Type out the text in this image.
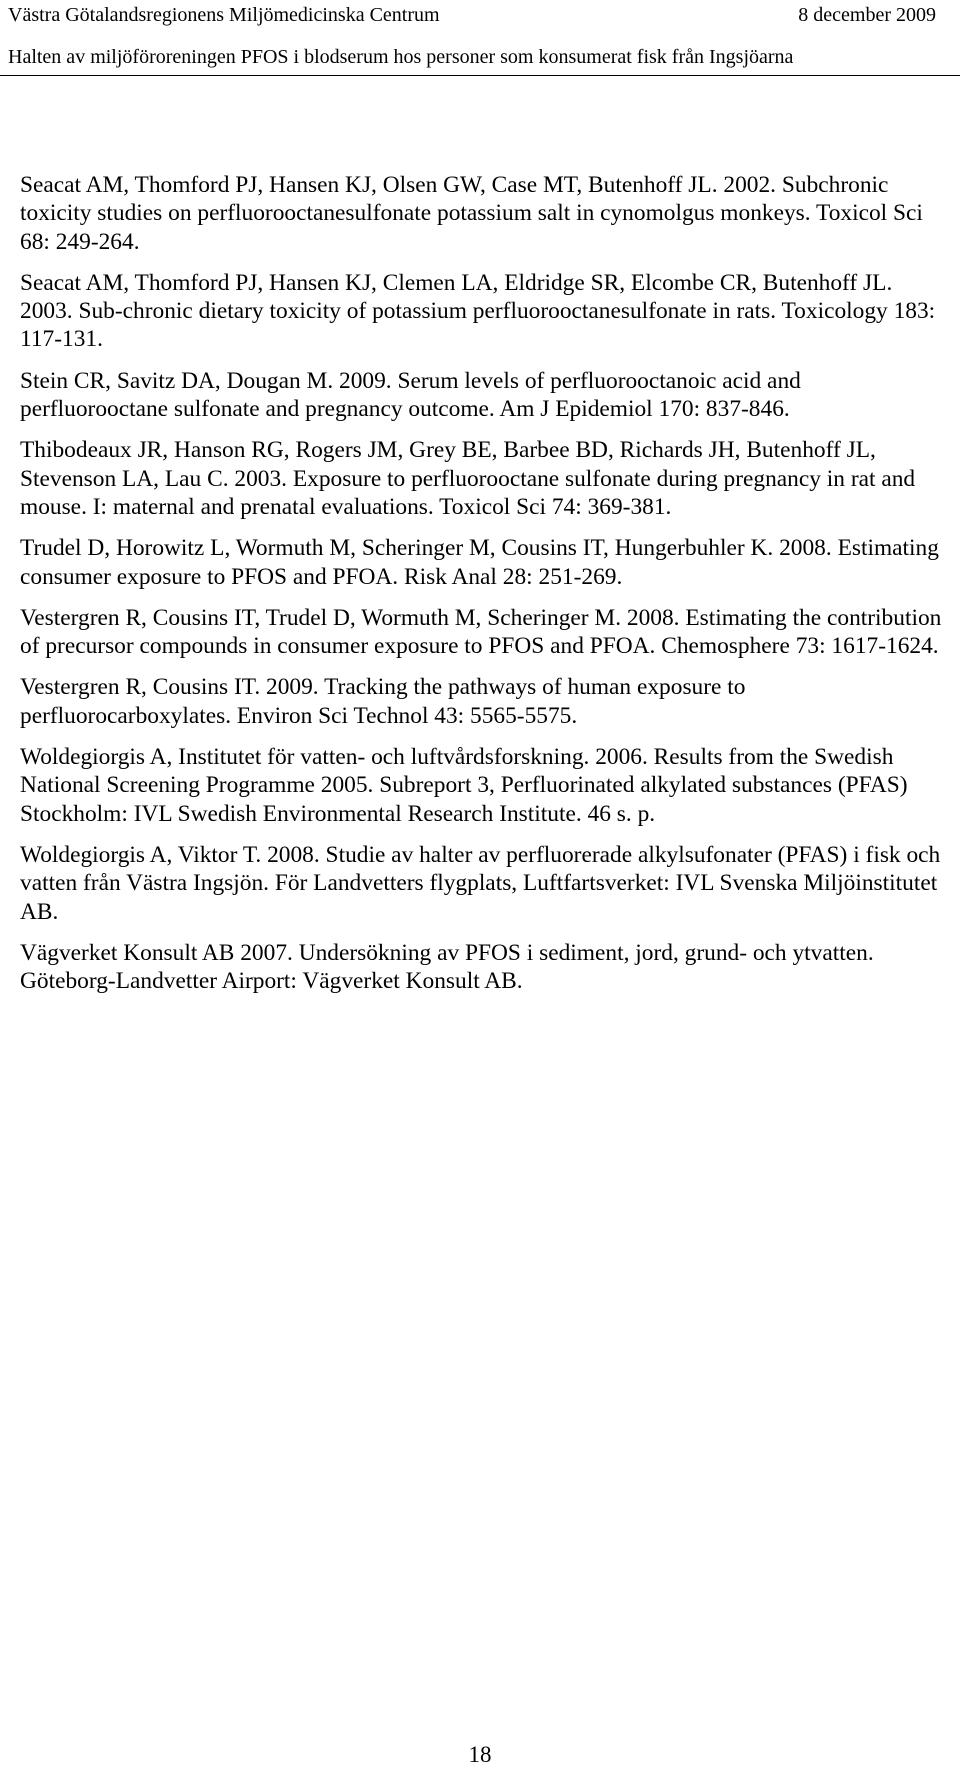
Västra Götalandsregionens Miljömedicinska Centrum	8 december 2009
Halten av miljöföroreningen PFOS i blodserum hos personer som konsumerat fisk från Ingsjöarna

Seacat AM, Thomford PJ, Hansen KJ, Olsen GW, Case MT, Butenhoff JL. 2002. Subchronic toxicity studies on perfluorooctanesulfonate potassium salt in cynomolgus monkeys. Toxicol Sci 68: 249-264.

Seacat AM, Thomford PJ, Hansen KJ, Clemen LA, Eldridge SR, Elcombe CR, Butenhoff JL. 2003. Sub-chronic dietary toxicity of potassium perfluorooctanesulfonate in rats. Toxicology 183: 117-131.

Stein CR, Savitz DA, Dougan M. 2009. Serum levels of perfluorooctanoic acid and perfluorooctane sulfonate and pregnancy outcome. Am J Epidemiol 170: 837-846.

Thibodeaux JR, Hanson RG, Rogers JM, Grey BE, Barbee BD, Richards JH, Butenhoff JL, Stevenson LA, Lau C. 2003. Exposure to perfluorooctane sulfonate during pregnancy in rat and mouse. I: maternal and prenatal evaluations. Toxicol Sci 74: 369-381.

Trudel D, Horowitz L, Wormuth M, Scheringer M, Cousins IT, Hungerbuhler K. 2008. Estimating consumer exposure to PFOS and PFOA. Risk Anal 28: 251-269.

Vestergren R, Cousins IT, Trudel D, Wormuth M, Scheringer M. 2008. Estimating the contribution of precursor compounds in consumer exposure to PFOS and PFOA. Chemosphere 73: 1617-1624.

Vestergren R, Cousins IT. 2009. Tracking the pathways of human exposure to perfluorocarboxylates. Environ Sci Technol 43: 5565-5575.

Woldegiorgis A, Institutet för vatten- och luftvårdsforskning. 2006. Results from the Swedish National Screening Programme 2005. Subreport 3, Perfluorinated alkylated substances (PFAS) Stockholm: IVL Swedish Environmental Research Institute. 46 s. p.

Woldegiorgis A, Viktor T. 2008. Studie av halter av perfluorerade alkylsufonater (PFAS) i fisk och vatten från Västra Ingsjön. För Landvetters flygplats, Luftfartsverket: IVL Svenska Miljöinstitutet AB.

Vägverket Konsult AB 2007. Undersökning av PFOS i sediment, jord, grund- och ytvatten. Göteborg-Landvetter Airport: Vägverket Konsult AB.

18
